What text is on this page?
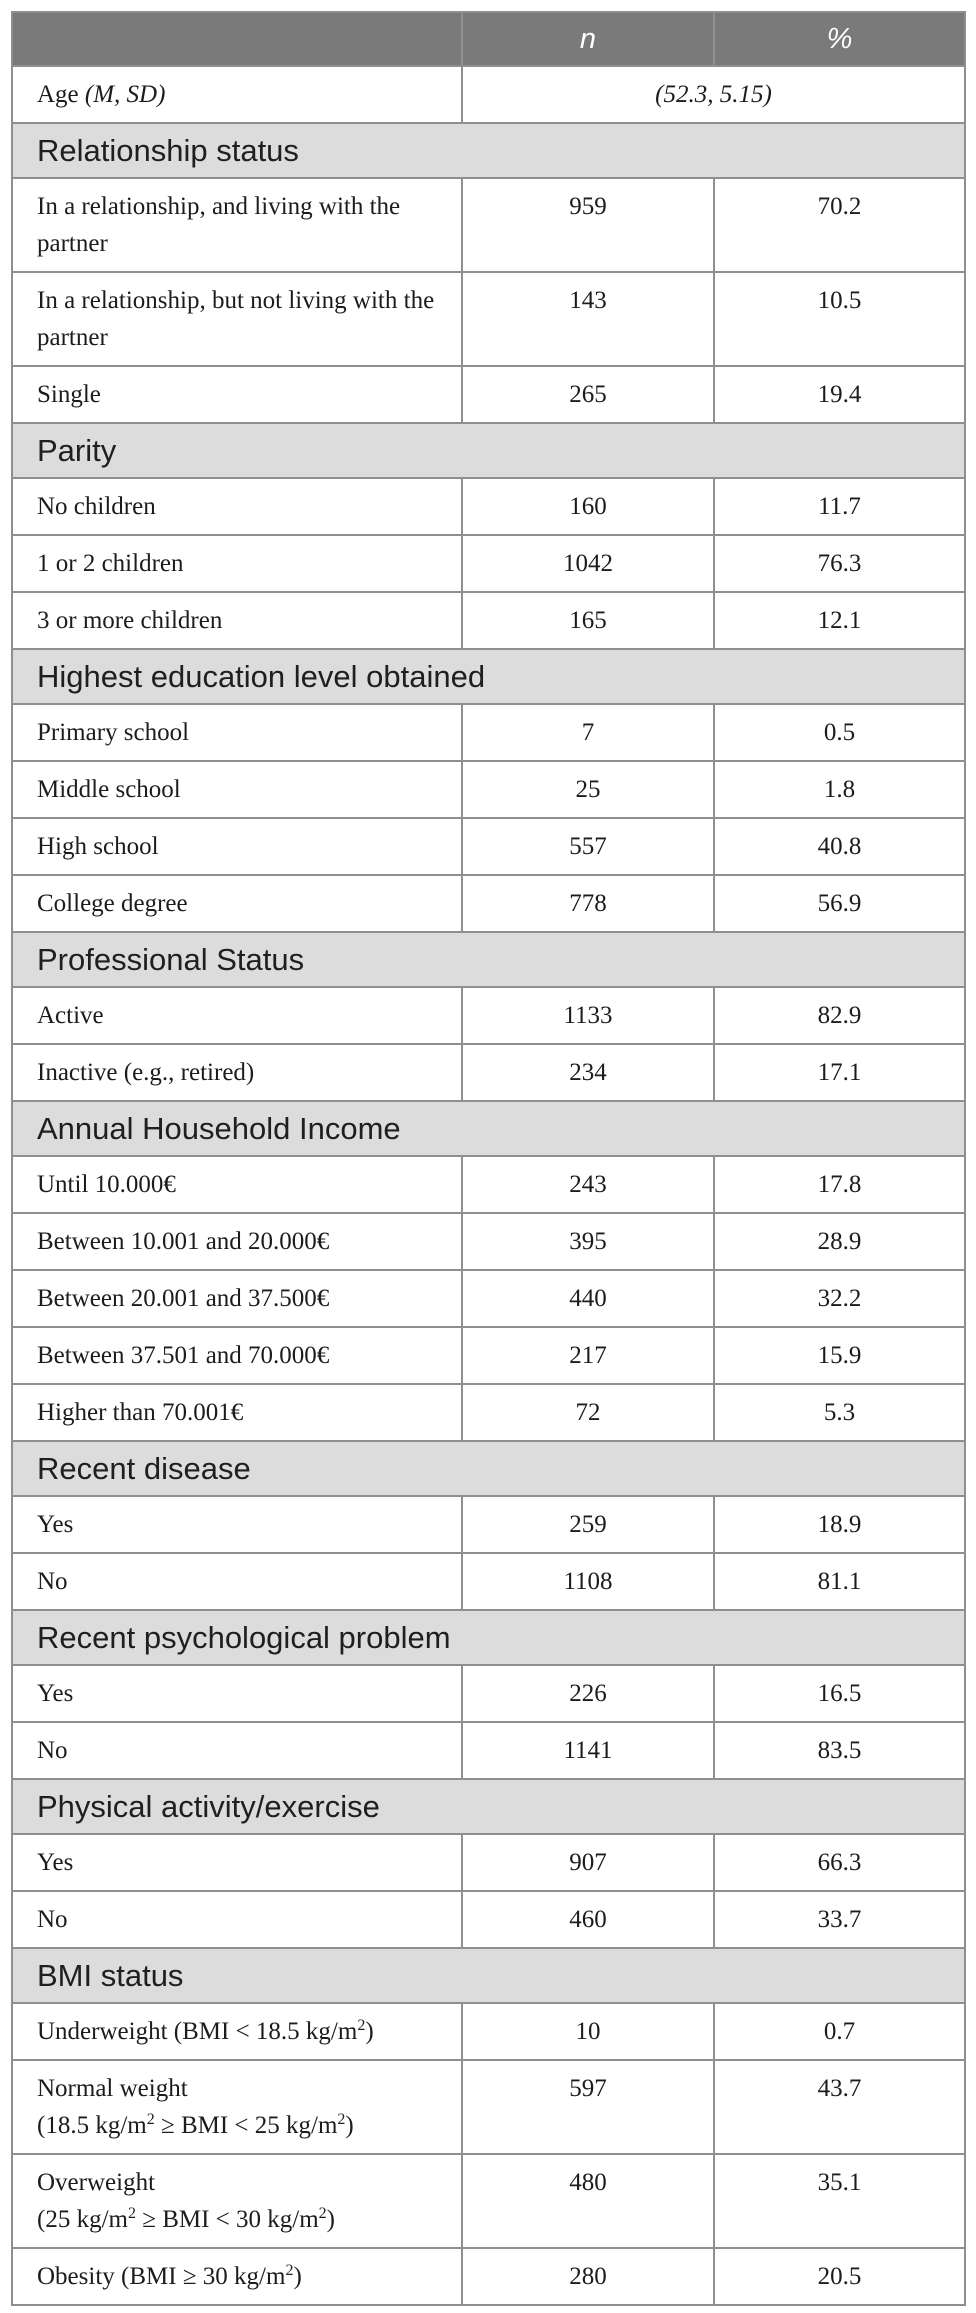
	n	%
Age (M, SD)	(52.3, 5.15)	
Relationship status		
In a relationship, and living with the partner	959	70.2
In a relationship, but not living with the partner	143	10.5
Single	265	19.4
Parity		
No children	160	11.7
1 or 2 children	1042	76.3
3 or more children	165	12.1
Highest education level obtained		
Primary school	7	0.5
Middle school	25	1.8
High school	557	40.8
College degree	778	56.9
Professional Status		
Active	1133	82.9
Inactive (e.g., retired)	234	17.1
Annual Household Income		
Until 10.000€	243	17.8
Between 10.001 and 20.000€	395	28.9
Between 20.001 and 37.500€	440	32.2
Between 37.501 and 70.000€	217	15.9
Higher than 70.001€	72	5.3
Recent disease		
Yes	259	18.9
No	1108	81.1
Recent psychological problem		
Yes	226	16.5
No	1141	83.5
Physical activity/exercise		
Yes	907	66.3
No	460	33.7
BMI status		
Underweight (BMI < 18.5 $kg/m^2$)	10	0.7
Normal weight
(18.5 $kg/m^2$ ≥ BMI < 25 $kg/m^2$)	597	43.7
Overweight
(25 $kg/m^2$ ≥ BMI < 30 $kg/m^2$)	480	35.1
Obesity (BMI ≥ 30 $kg/m^2$)	280	20.5
